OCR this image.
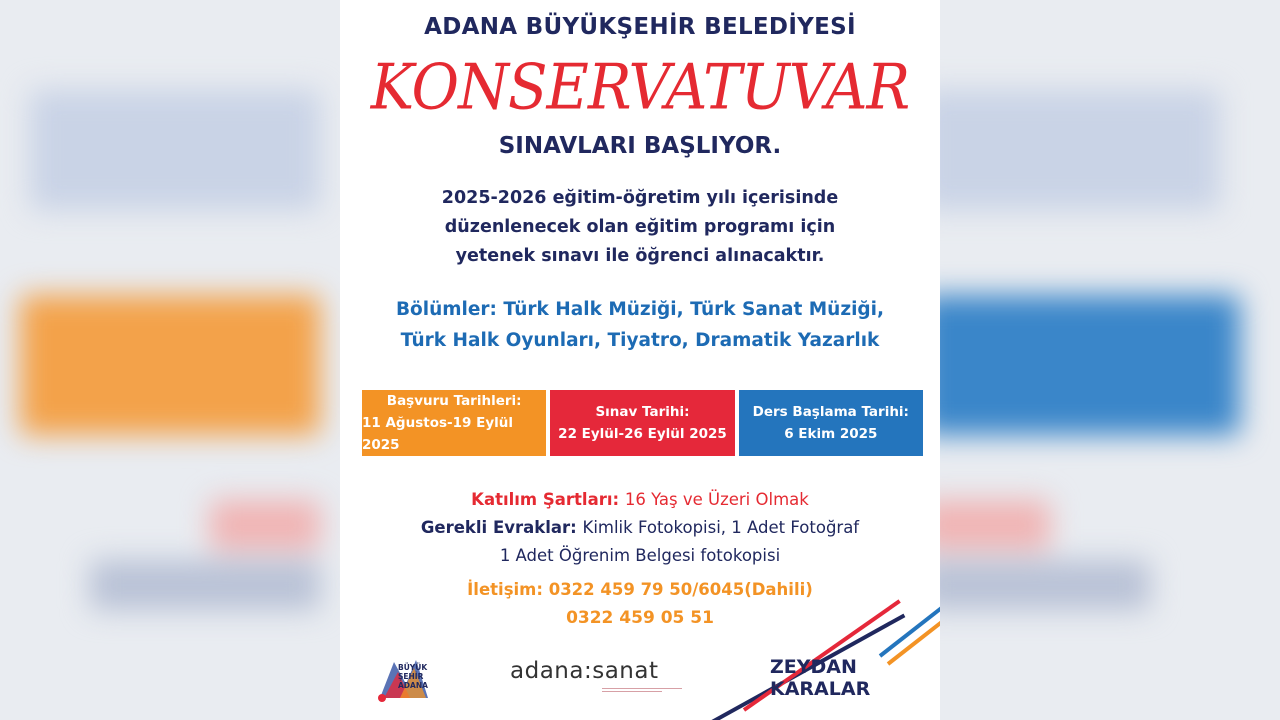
ADANA BÜYÜKŞEHİR BELEDİYESİ
KONSERVATUVAR
SINAVLARI BAŞLIYOR.
2025-2026 eğitim-öğretim yılı içerisinde
düzenlenecek olan eğitim programı için
yetenek sınavı ile öğrenci alınacaktır.
Bölümler: Türk Halk Müziği, Türk Sanat Müziği,
Türk Halk Oyunları, Tiyatro, Dramatik Yazarlık
Başvuru Tarihleri:
11 Ağustos-19 Eylül 2025
Sınav Tarihi:
22 Eylül-26 Eylül 2025
Ders Başlama Tarihi:
6 Ekim 2025
Katılım Şartları: 16 Yaş ve Üzeri Olmak
Gerekli Evraklar: Kimlik Fotokopisi, 1 Adet Fotoğraf
1 Adet Öğrenim Belgesi fotokopisi
İletişim: 0322 459 79 50/6045(Dahili)
0322 459 05 51
BÜYÜK
ŞEHİR
ADANA
adana:sanat	ZEYDAN
KARALAR
